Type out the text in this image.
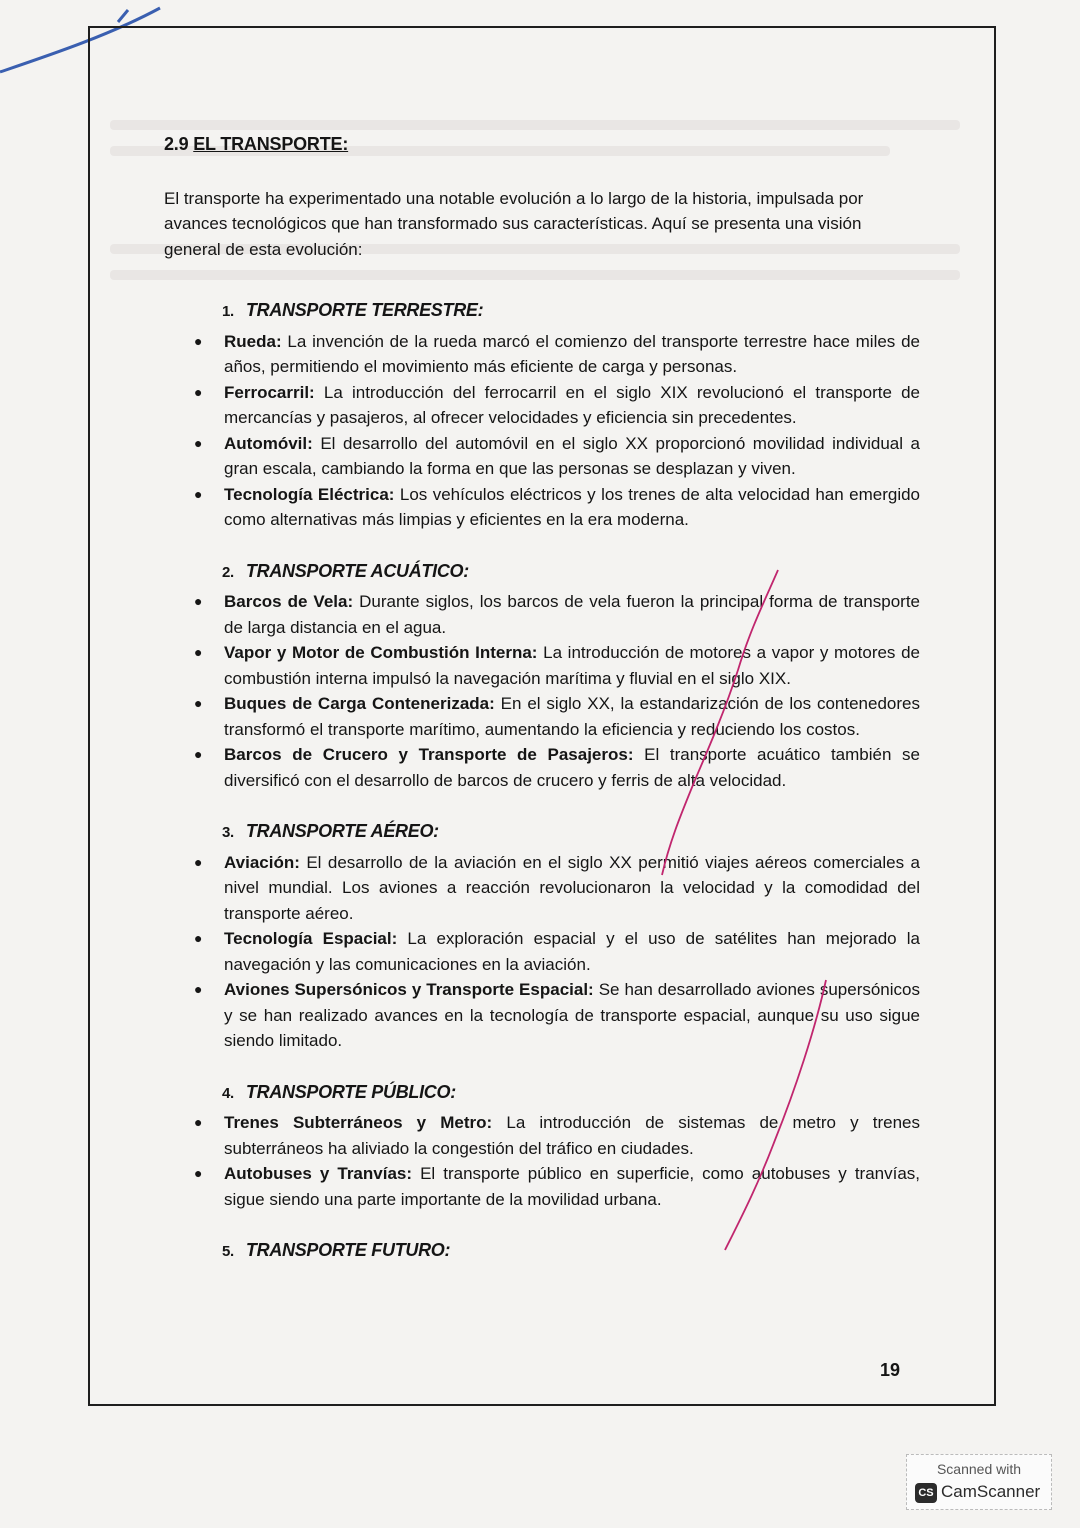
2.9 EL TRANSPORTE:

El transporte ha experimentado una notable evolución a lo largo de la historia, impulsada por avances tecnológicos que han transformado sus características. Aquí se presenta una visión general de esta evolución:

1. TRANSPORTE TERRESTRE:

● Rueda: La invención de la rueda marcó el comienzo del transporte terrestre hace miles de años, permitiendo el movimiento más eficiente de carga y personas.
● Ferrocarril: La introducción del ferrocarril en el siglo XIX revolucionó el transporte de mercancías y pasajeros, al ofrecer velocidades y eficiencia sin precedentes.
● Automóvil: El desarrollo del automóvil en el siglo XX proporcionó movilidad individual a gran escala, cambiando la forma en que las personas se desplazan y viven.
● Tecnología Eléctrica: Los vehículos eléctricos y los trenes de alta velocidad han emergido como alternativas más limpias y eficientes en la era moderna.

2. TRANSPORTE ACUÁTICO:

● Barcos de Vela: Durante siglos, los barcos de vela fueron la principal forma de transporte de larga distancia en el agua.
● Vapor y Motor de Combustión Interna: La introducción de motores a vapor y motores de combustión interna impulsó la navegación marítima y fluvial en el siglo XIX.
● Buques de Carga Contenerizada: En el siglo XX, la estandarización de los contenedores transformó el transporte marítimo, aumentando la eficiencia y reduciendo los costos.
● Barcos de Crucero y Transporte de Pasajeros: El transporte acuático también se diversificó con el desarrollo de barcos de crucero y ferris de alta velocidad.

3. TRANSPORTE AÉREO:

● Aviación: El desarrollo de la aviación en el siglo XX permitió viajes aéreos comerciales a nivel mundial. Los aviones a reacción revolucionaron la velocidad y la comodidad del transporte aéreo.
● Tecnología Espacial: La exploración espacial y el uso de satélites han mejorado la navegación y las comunicaciones en la aviación.
● Aviones Supersónicos y Transporte Espacial: Se han desarrollado aviones supersónicos y se han realizado avances en la tecnología de transporte espacial, aunque su uso sigue siendo limitado.

4. TRANSPORTE PÚBLICO:

● Trenes Subterráneos y Metro: La introducción de sistemas de metro y trenes subterráneos ha aliviado la congestión del tráfico en ciudades.
● Autobuses y Tranvías: El transporte público en superficie, como autobuses y tranvías, sigue siendo una parte importante de la movilidad urbana.

5. TRANSPORTE FUTURO:

19
Scanned with
CS CamScanner
